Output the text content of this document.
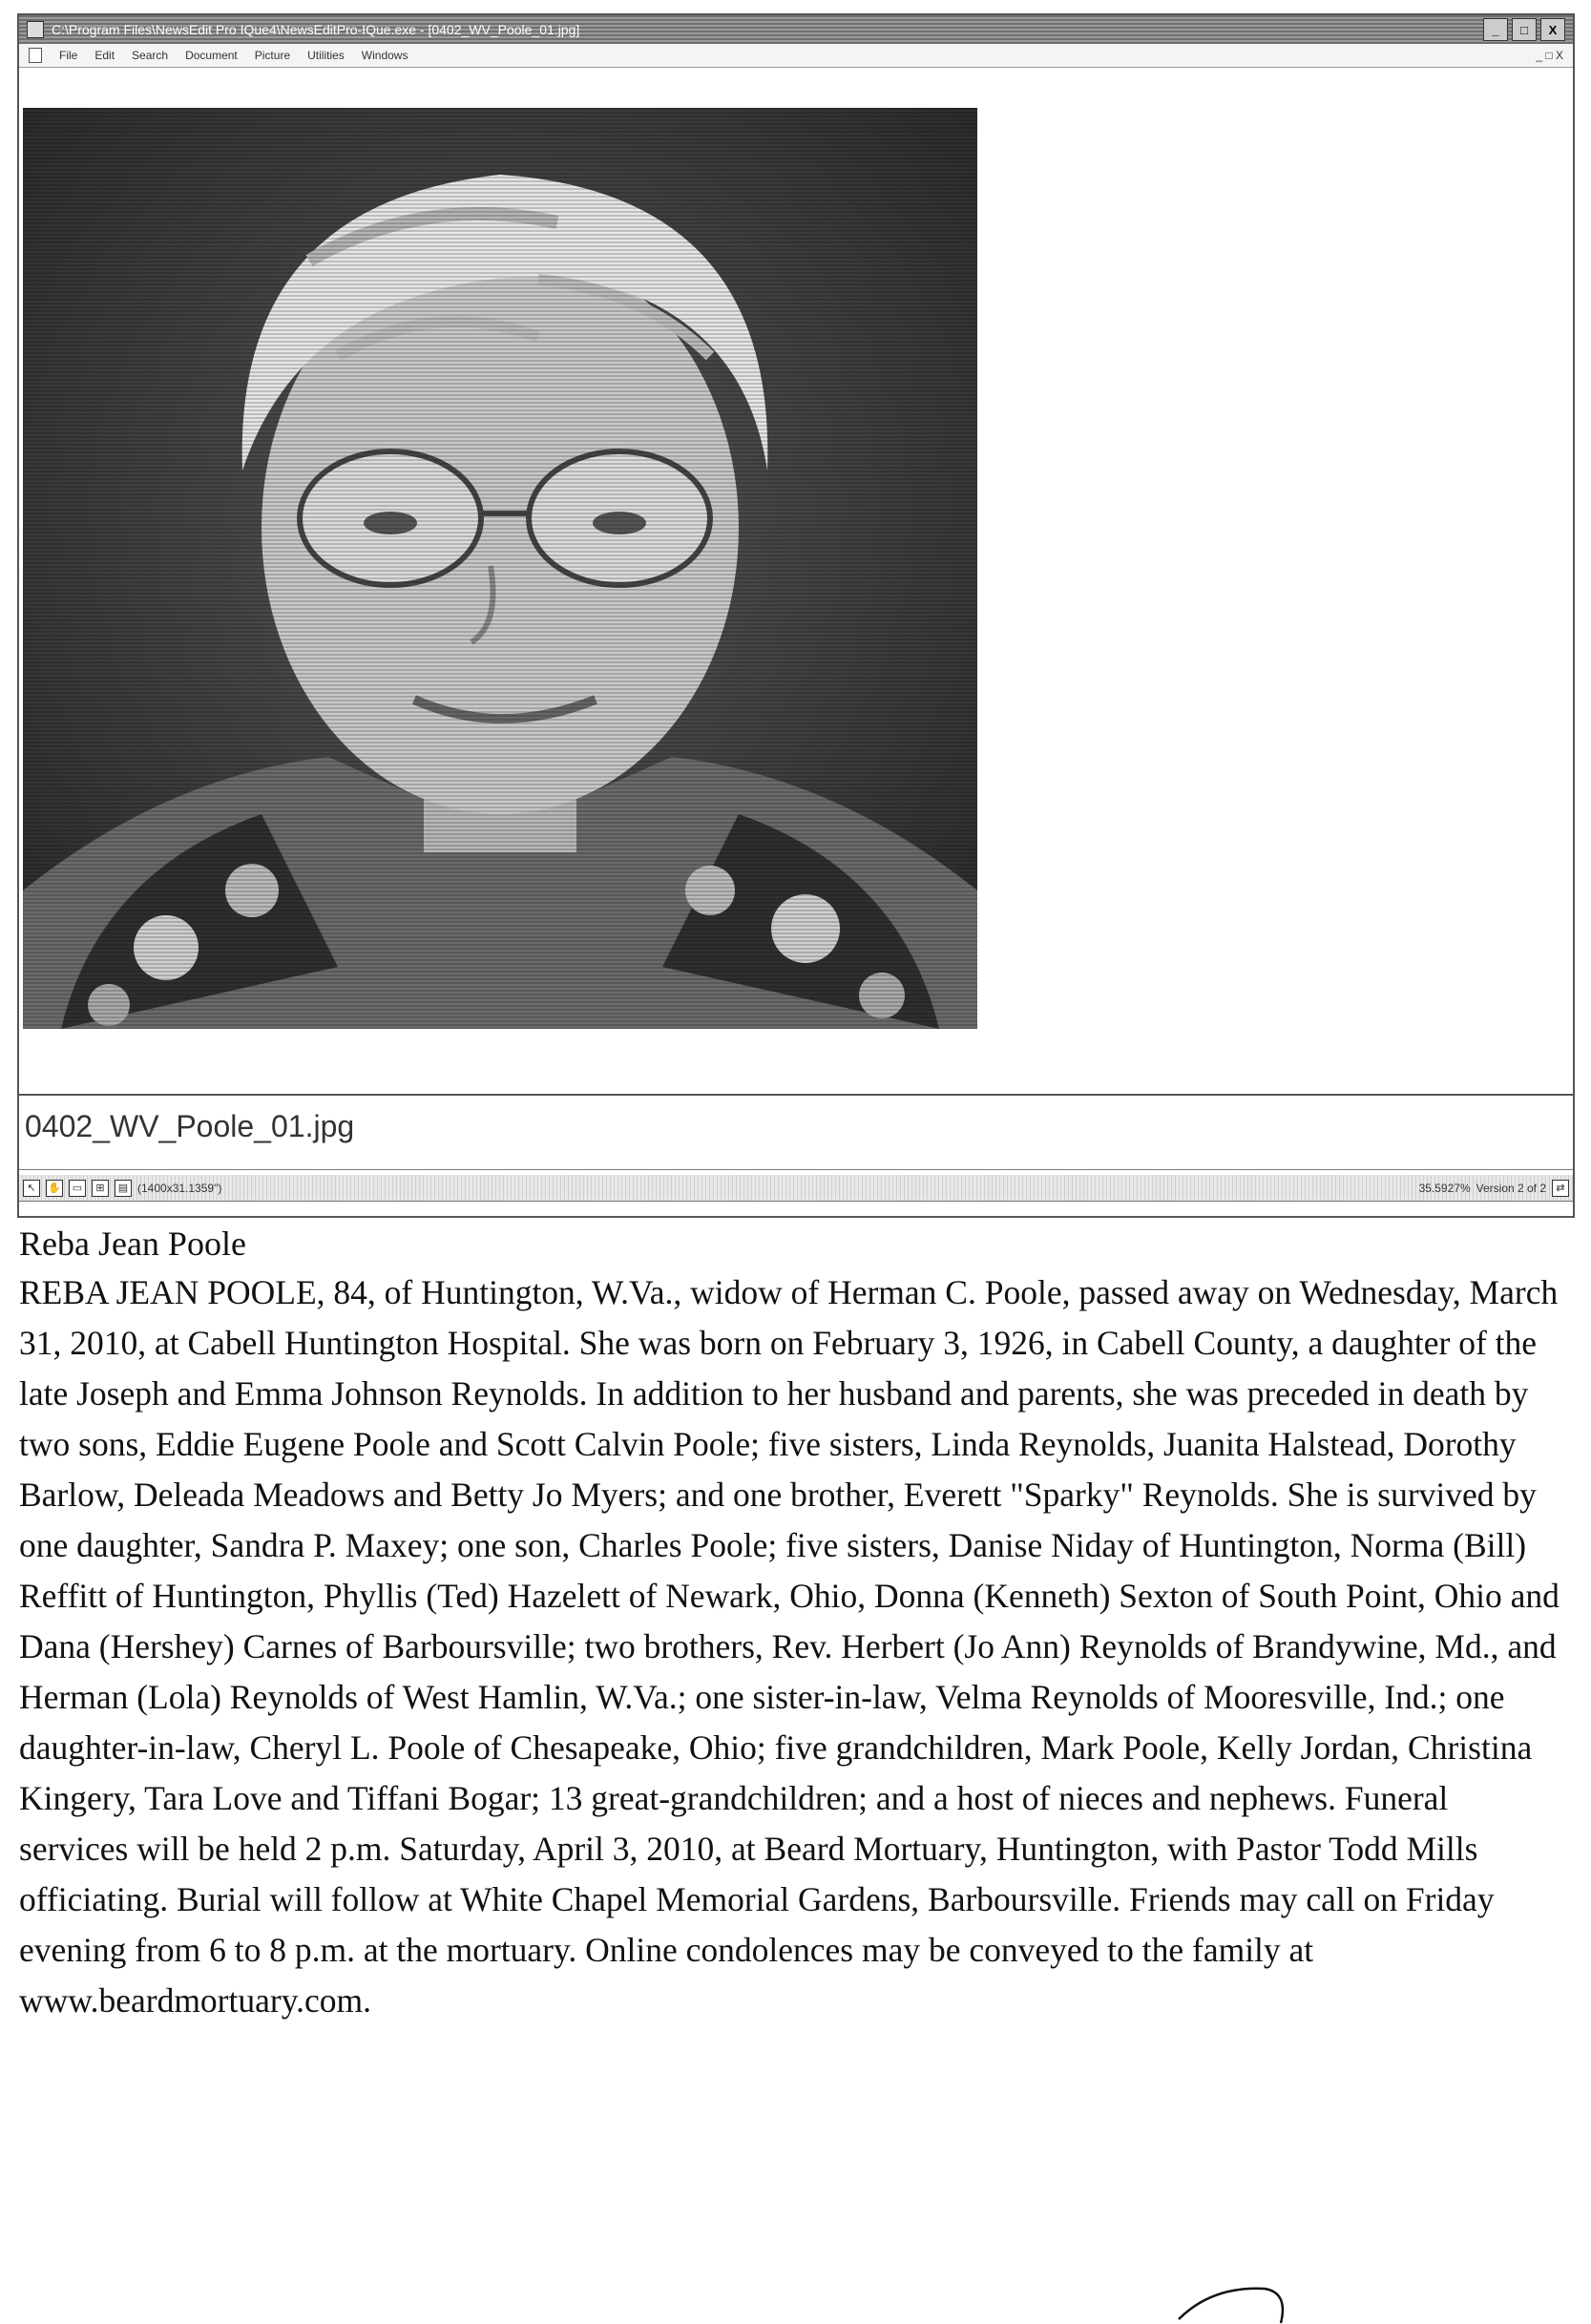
C:\Program Files\NewsEdit Pro IQue4\NewsEditPro-IQue.exe - [0402_WV_Poole_01.jpg]	_	□	X
File Edit Search Document Picture Utilities Windows	_ □ X
0402_WV_Poole_01.jpg
↖	✋	▭	⊞	▤ (1400x31.1359")	35.5927% Version 2 of 2 ⇄
Reba Jean Poole

REBA JEAN POOLE, 84, of Huntington, W.Va., widow of Herman C. Poole, passed away on Wednesday, March 31, 2010, at Cabell Huntington Hospital. She was born on February 3, 1926, in Cabell County, a daughter of the late Joseph and Emma Johnson Reynolds. In addition to her husband and parents, she was preceded in death by two sons, Eddie Eugene Poole and Scott Calvin Poole; five sisters, Linda Reynolds, Juanita Halstead, Dorothy Barlow, Deleada Meadows and Betty Jo Myers; and one brother, Everett "Sparky" Reynolds. She is survived by one daughter, Sandra P. Maxey; one son, Charles Poole; five sisters, Danise Niday of Huntington, Norma (Bill) Reffitt of Huntington, Phyllis (Ted) Hazelett of Newark, Ohio, Donna (Kenneth) Sexton of South Point, Ohio and Dana (Hershey) Carnes of Barboursville; two brothers, Rev. Herbert (Jo Ann) Reynolds of Brandywine, Md., and Herman (Lola) Reynolds of West Hamlin, W.Va.; one sister-in-law, Velma Reynolds of Mooresville, Ind.; one daughter-in-law, Cheryl L. Poole of Chesapeake, Ohio; five grandchildren, Mark Poole, Kelly Jordan, Christina Kingery, Tara Love and Tiffani Bogar; 13 great-grandchildren; and a host of nieces and nephews. Funeral services will be held 2 p.m. Saturday, April 3, 2010, at Beard Mortuary, Huntington, with Pastor Todd Mills officiating. Burial will follow at White Chapel Memorial Gardens, Barboursville. Friends may call on Friday evening from 6 to 8 p.m. at the mortuary. Online condolences may be conveyed to the family at www.beardmortuary.com.
